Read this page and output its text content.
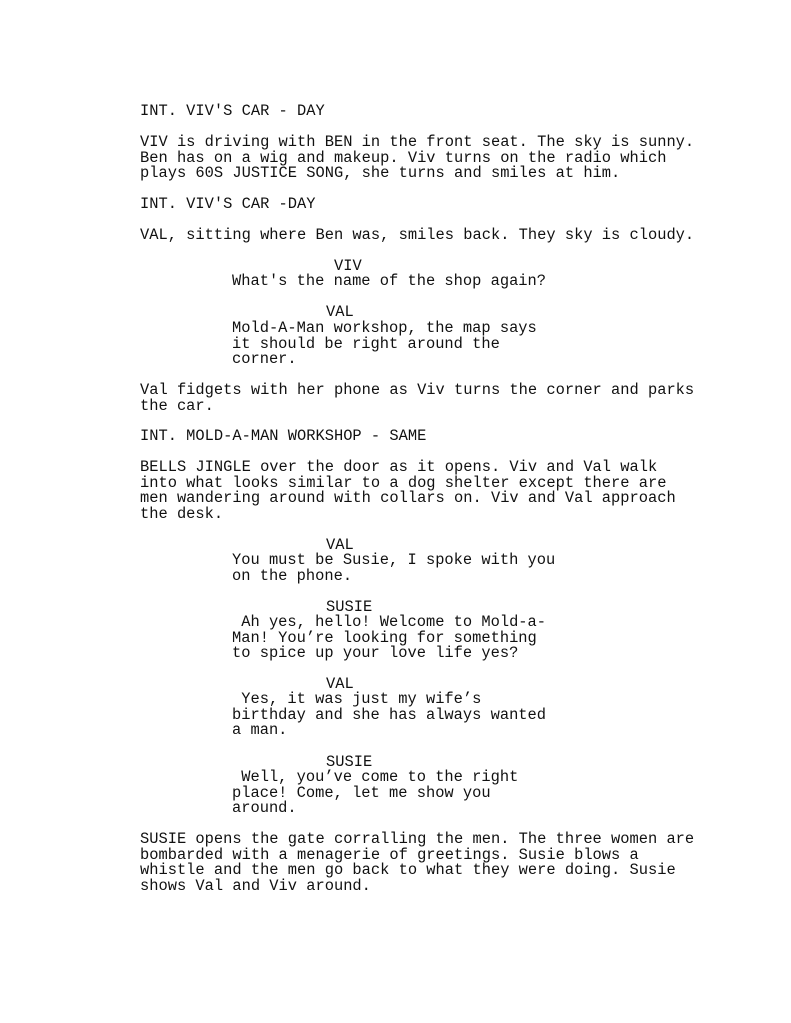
INT. VIV'S CAR - DAY
VIV is driving with BEN in the front seat. The sky is sunny.
Ben has on a wig and makeup. Viv turns on the radio which
plays 60S JUSTICE SONG, she turns and smiles at him.
INT. VIV'S CAR -DAY
VAL, sitting where Ben was, smiles back. They sky is cloudy.
VIV
What's the name of the shop again?
VAL
Mold-A-Man workshop, the map says
it should be right around the
corner.
Val fidgets with her phone as Viv turns the corner and parks
the car.
INT. MOLD-A-MAN WORKSHOP - SAME
BELLS JINGLE over the door as it opens. Viv and Val walk
into what looks similar to a dog shelter except there are
men wandering around with collars on. Viv and Val approach
the desk.
VAL
You must be Susie, I spoke with you
on the phone.
SUSIE
Ah yes, hello! Welcome to Mold-a-
Man! You’re looking for something
to spice up your love life yes?
VAL
Yes, it was just my wife’s
birthday and she has always wanted
a man.
SUSIE
Well, you’ve come to the right
place! Come, let me show you
around.
SUSIE opens the gate corralling the men. The three women are
bombarded with a menagerie of greetings. Susie blows a
whistle and the men go back to what they were doing. Susie
shows Val and Viv around.
